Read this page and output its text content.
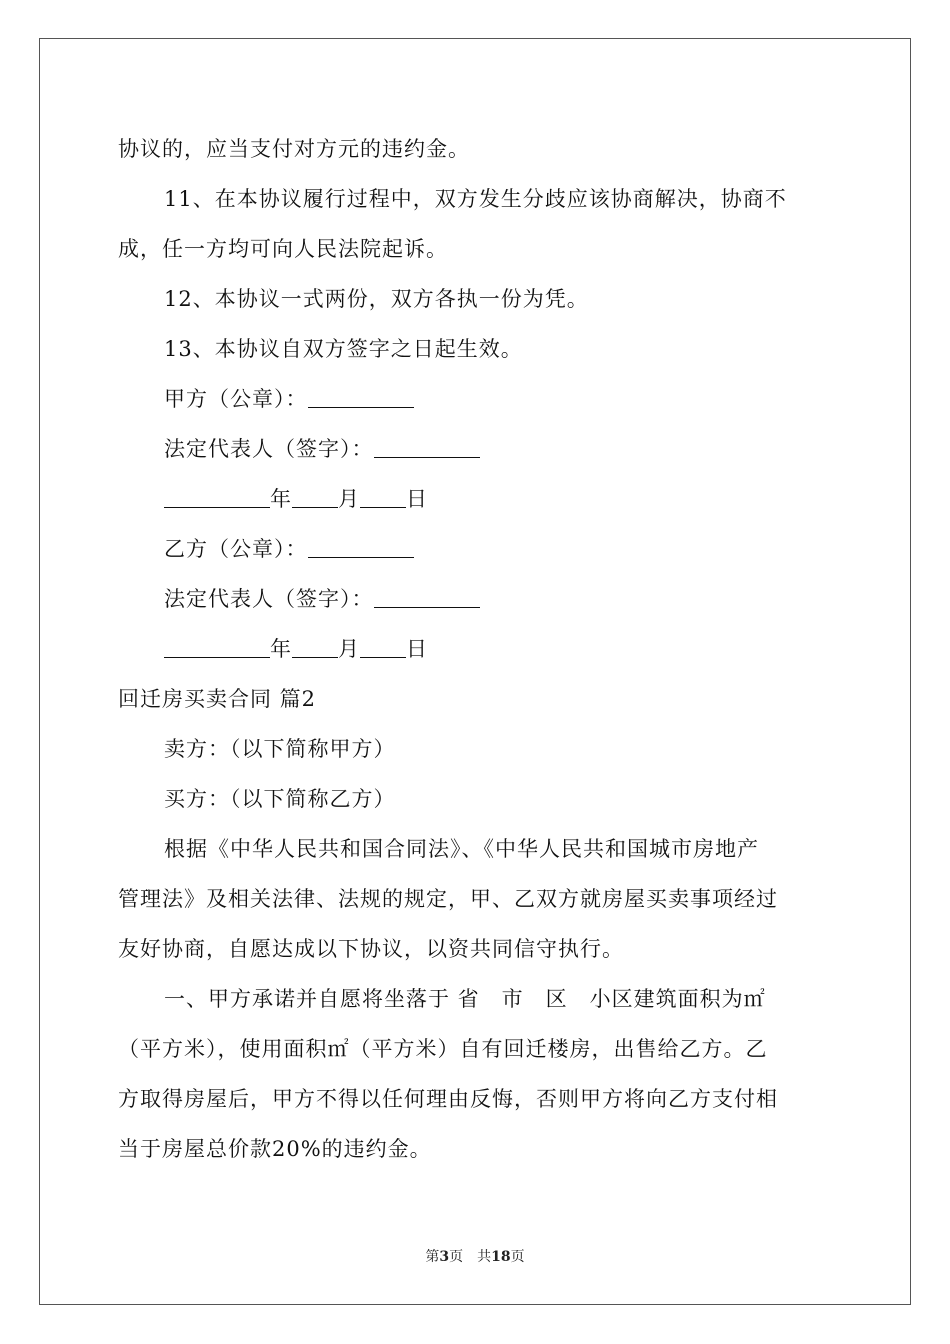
协议的，应当支付对方元的违约金。
11、在本协议履行过程中，双方发生分歧应该协商解决，协商不
成，任一方均可向人民法院起诉。
12、本协议一式两份，双方各执一份为凭。
13、本协议自双方签字之日起生效。
甲方（公章）：
法定代表人（签字）：
年 月 日
乙方（公章）：
法定代表人（签字）：
年 月 日
回迁房买卖合同 篇2
卖方：（以下简称甲方）
买方：（以下简称乙方）
根据《中华人民共和国合同法》、《中华人民共和国城市房地产
管理法》及相关法律、法规的规定，甲、乙双方就房屋买卖事项经过
友好协商，自愿达成以下协议，以资共同信守执行。
一、甲方承诺并自愿将坐落于 省　市　区　小区建筑面积为㎡
（平方米），使用面积㎡（平方米）自有回迁楼房，出售给乙方。乙
方取得房屋后，甲方不得以任何理由反悔，否则甲方将向乙方支付相
当于房屋总价款20%的违约金。
第3页　共18页
